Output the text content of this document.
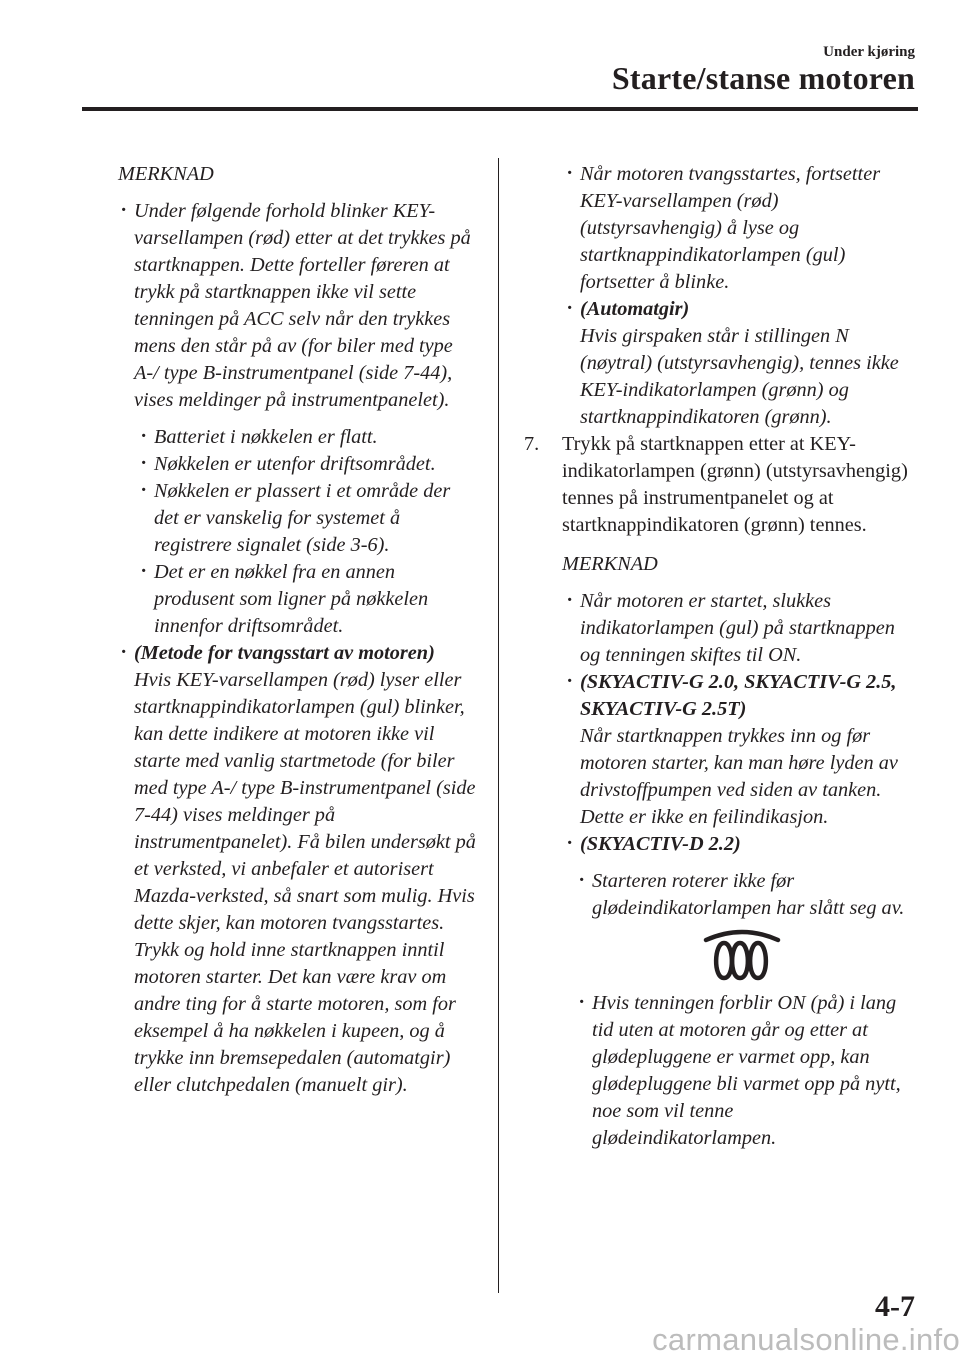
Under kjøring
Starte/stanse motoren
MERKNAD
· Under følgende forhold blinker KEY-varsellampen (rød) etter at det trykkes på startknappen. Dette forteller føreren at trykk på startknappen ikke vil sette tenningen på ACC selv når den trykkes mens den står på av (for biler med type A-/ type B-instrumentpanel (side 7-44), vises meldinger på instrumentpanelet).
· Batteriet i nøkkelen er flatt.
· Nøkkelen er utenfor driftsområdet.
· Nøkkelen er plassert i et område der det er vanskelig for systemet å registrere signalet (side 3-6).
· Det er en nøkkel fra en annen produsent som ligner på nøkkelen innenfor driftsområdet.
· (Metode for tvangsstart av motoren)
Hvis KEY-varsellampen (rød) lyser eller startknappindikatorlampen (gul) blinker, kan dette indikere at motoren ikke vil starte med vanlig startmetode (for biler med type A-/ type B-instrumentpanel (side 7-44) vises meldinger på instrumentpanelet). Få bilen undersøkt på et verksted, vi anbefaler et autorisert Mazda-verksted, så snart som mulig. Hvis dette skjer, kan motoren tvangsstartes. Trykk og hold inne startknappen inntil motoren starter. Det kan være krav om andre ting for å starte motoren, som for eksempel å ha nøkkelen i kupeen, og å trykke inn bremsepedalen (automatgir) eller clutchpedalen (manuelt gir).
· Når motoren tvangsstartes, fortsetter KEY-varsellampen (rød) (utstyrsavhengig) å lyse og startknappindikatorlampen (gul) fortsetter å blinke.
· (Automatgir)
Hvis girspaken står i stillingen N (nøytral) (utstyrsavhengig), tennes ikke KEY-indikatorlampen (grønn) og startknappindikatoren (grønn).
7. Trykk på startknappen etter at KEY-indikatorlampen (grønn) (utstyrsavhengig) tennes på instrumentpanelet og at startknappindikatoren (grønn) tennes.
MERKNAD
· Når motoren er startet, slukkes indikatorlampen (gul) på startknappen og tenningen skiftes til ON.
· (SKYACTIV-G 2.0, SKYACTIV-G 2.5, SKYACTIV-G 2.5T)
Når startknappen trykkes inn og før motoren starter, kan man høre lyden av drivstoffpumpen ved siden av tanken. Dette er ikke en feilindikasjon.
· (SKYACTIV-D 2.2)
· Starteren roterer ikke før glødeindikatorlampen har slått seg av.
· Hvis tenningen forblir ON (på) i lang tid uten at motoren går og etter at glødepluggene er varmet opp, kan glødepluggene bli varmet opp på nytt, noe som vil tenne glødeindikatorlampen.
4-7
carmanualsonline.info
